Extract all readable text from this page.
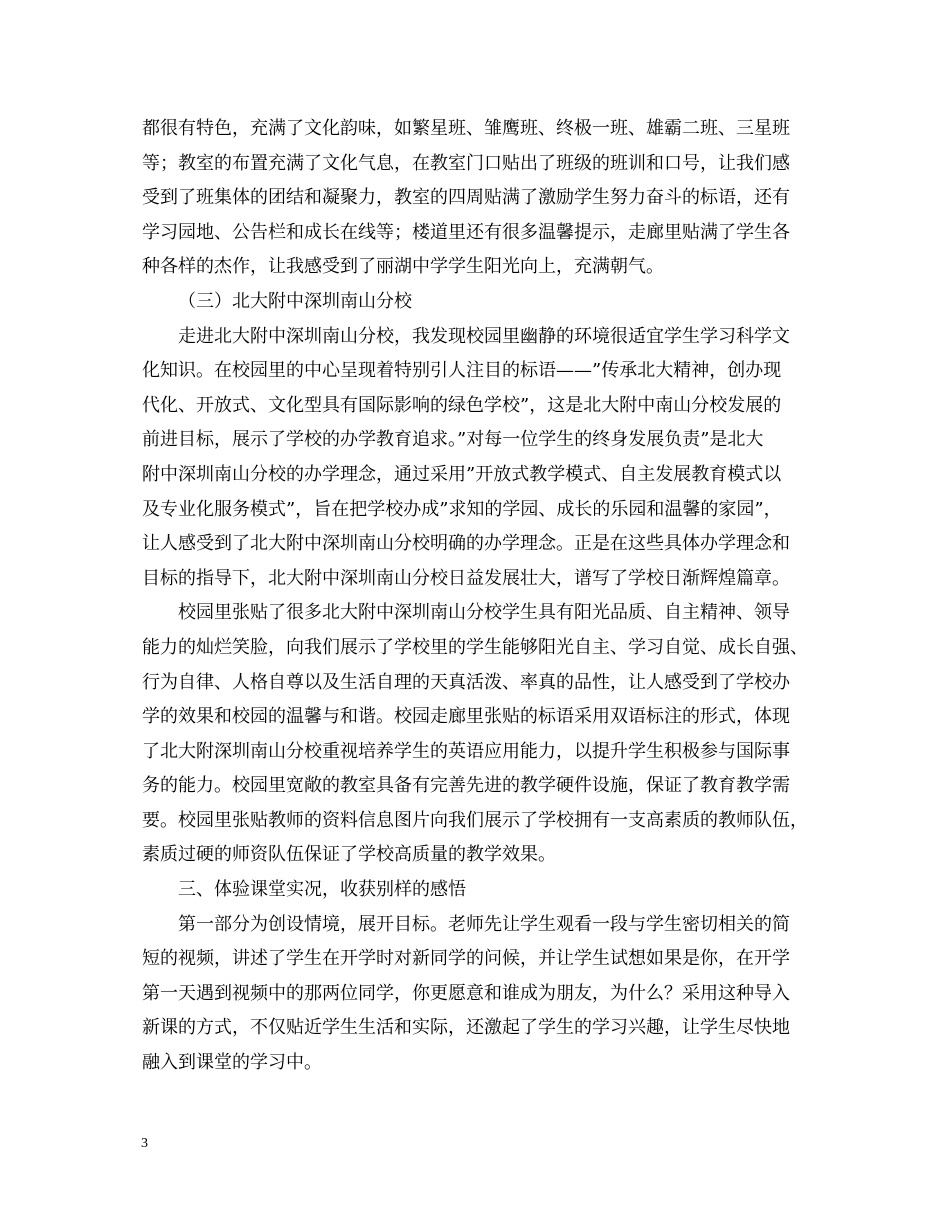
都很有特色，充满了文化韵味，如繁星班、雏鹰班、终极一班、雄霸二班、三星班
等；教室的布置充满了文化气息，在教室门口贴出了班级的班训和口号，让我们感
受到了班集体的团结和凝聚力，教室的四周贴满了激励学生努力奋斗的标语，还有
学习园地、公告栏和成长在线等；楼道里还有很多温馨提示，走廊里贴满了学生各
种各样的杰作，让我感受到了丽湖中学学生阳光向上，充满朝气。
（三）北大附中深圳南山分校
走进北大附中深圳南山分校，我发现校园里幽静的环境很适宜学生学习科学文
化知识。在校园里的中心呈现着特别引人注目的标语——”传承北大精神，创办现
代化、开放式、文化型具有国际影响的绿色学校”，这是北大附中南山分校发展的
前进目标，展示了学校的办学教育追求。”对每一位学生的终身发展负责”是北大
附中深圳南山分校的办学理念，通过采用”开放式教学模式、自主发展教育模式以
及专业化服务模式”，旨在把学校办成”求知的学园、成长的乐园和温馨的家园”，
让人感受到了北大附中深圳南山分校明确的办学理念。正是在这些具体办学理念和
目标的指导下，北大附中深圳南山分校日益发展壮大，谱写了学校日渐辉煌篇章。
校园里张贴了很多北大附中深圳南山分校学生具有阳光品质、自主精神、领导
能力的灿烂笑脸，向我们展示了学校里的学生能够阳光自主、学习自觉、成长自强、
行为自律、人格自尊以及生活自理的天真活泼、率真的品性，让人感受到了学校办
学的效果和校园的温馨与和谐。校园走廊里张贴的标语采用双语标注的形式，体现
了北大附深圳南山分校重视培养学生的英语应用能力，以提升学生积极参与国际事
务的能力。校园里宽敞的教室具备有完善先进的教学硬件设施，保证了教育教学需
要。校园里张贴教师的资料信息图片向我们展示了学校拥有一支高素质的教师队伍，
素质过硬的师资队伍保证了学校高质量的教学效果。
三、体验课堂实况，收获别样的感悟
第一部分为创设情境，展开目标。老师先让学生观看一段与学生密切相关的简
短的视频，讲述了学生在开学时对新同学的问候，并让学生试想如果是你，在开学
第一天遇到视频中的那两位同学，你更愿意和谁成为朋友，为什么？采用这种导入
新课的方式，不仅贴近学生生活和实际，还激起了学生的学习兴趣，让学生尽快地
融入到课堂的学习中。
3
